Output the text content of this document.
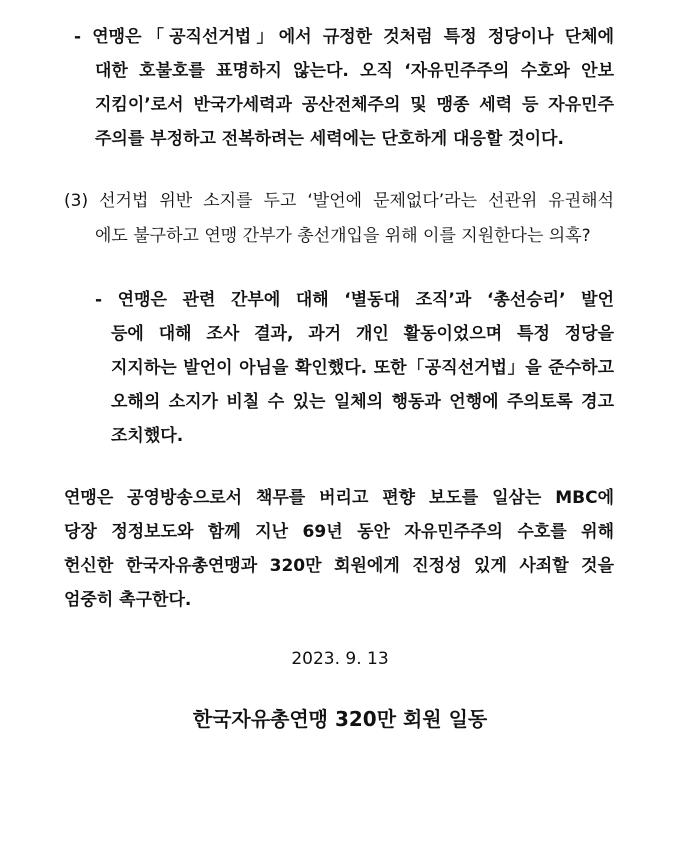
- 연맹은「공직선거법」에서 규정한 것처럼 특정 정당이나 단체에

대한 호불호를 표명하지 않는다. 오직 ‘자유민주주의 수호와 안보

지킴이’로서 반국가세력과 공산전체주의 및 맹종 세력 등 자유민주

주의를 부정하고 전복하려는 세력에는 단호하게 대응할 것이다.

(3) 선거법 위반 소지를 두고 ‘발언에 문제없다’라는 선관위 유권해석

에도 불구하고 연맹 간부가 총선개입을 위해 이를 지원한다는 의혹?

- 연맹은 관련 간부에 대해 ‘별동대 조직’과 ‘총선승리’ 발언

등에 대해 조사 결과, 과거 개인 활동이었으며 특정 정당을

지지하는 발언이 아님을 확인했다. 또한「공직선거법」을 준수하고

오해의 소지가 비칠 수 있는 일체의 행동과 언행에 주의토록 경고

조치했다.

연맹은 공영방송으로서 책무를 버리고 편향 보도를 일삼는 MBC에

당장 정정보도와 함께 지난 69년 동안 자유민주주의 수호를 위해

헌신한 한국자유총연맹과 320만 회원에게 진정성 있게 사죄할 것을

엄중히 촉구한다.

2023. 9. 13
한국자유총연맹 320만 회원 일동
